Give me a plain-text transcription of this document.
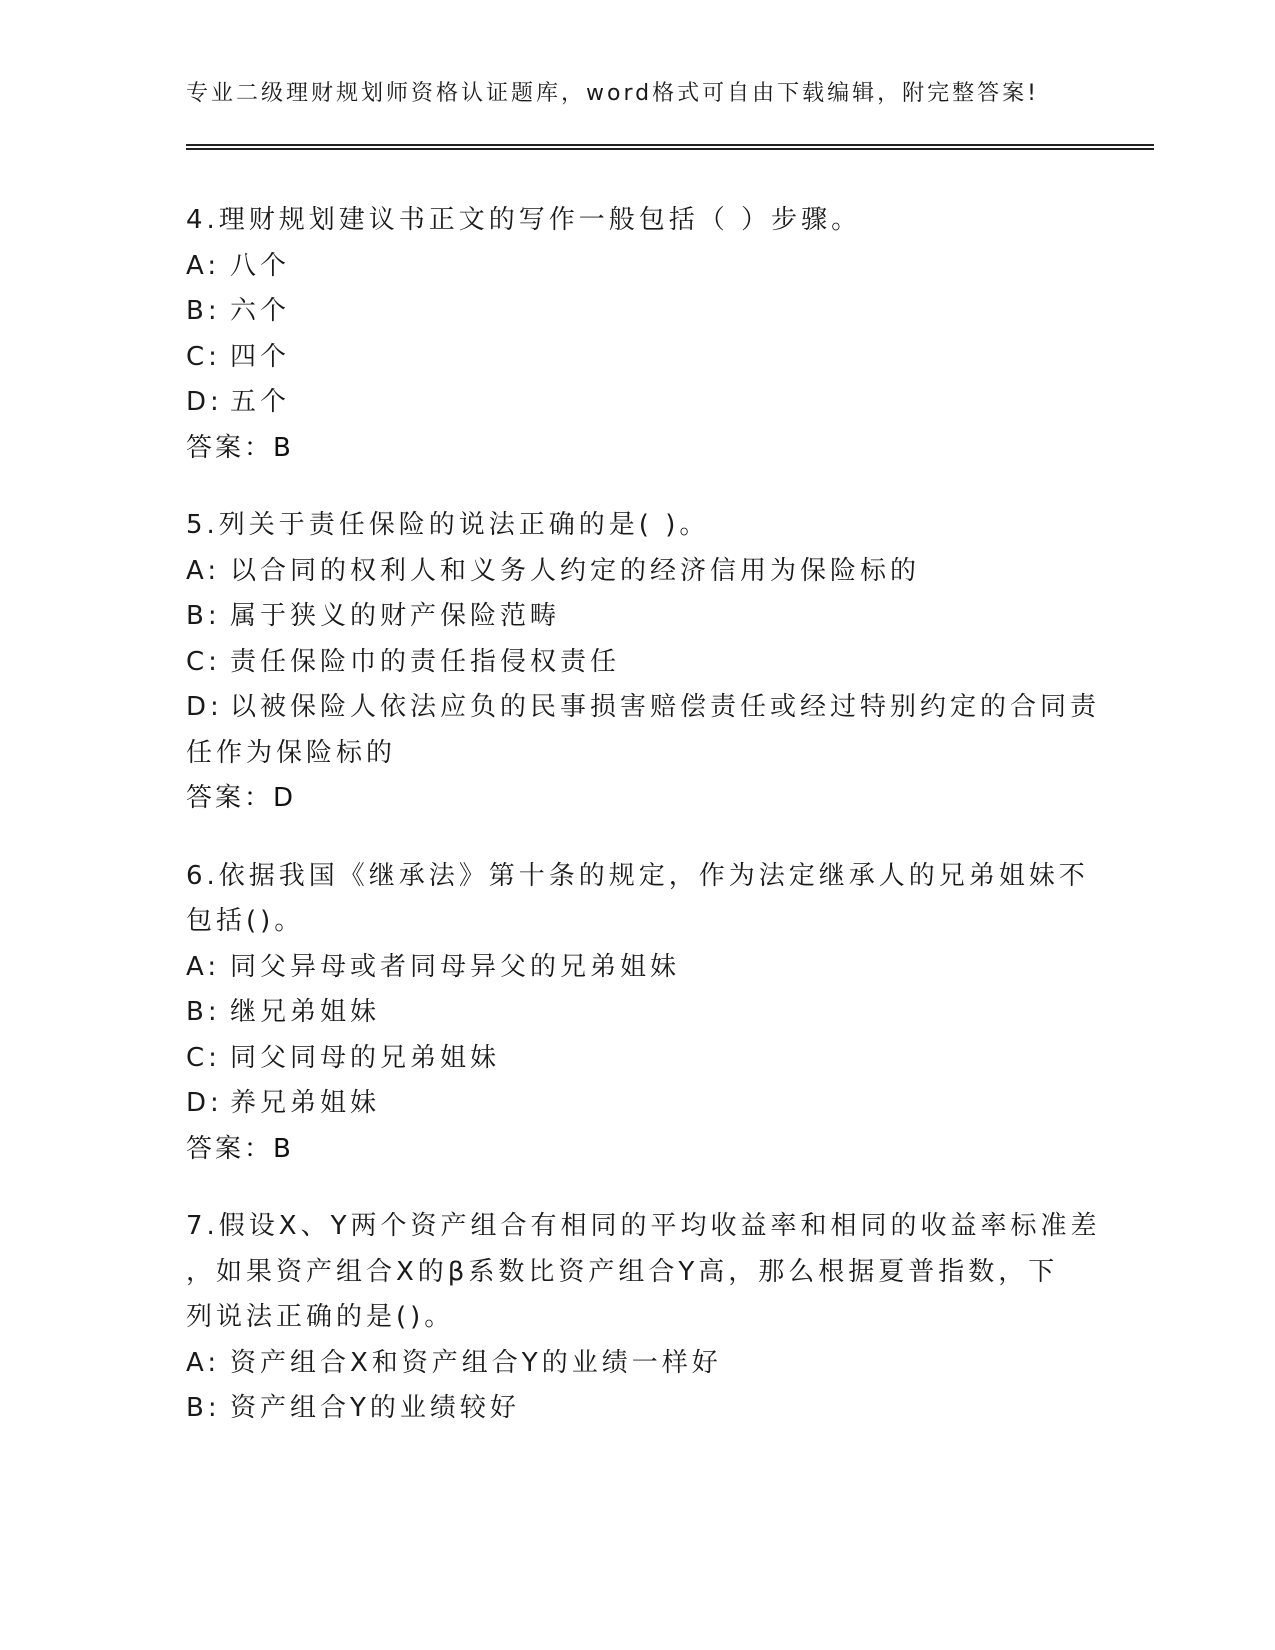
专业二级理财规划师资格认证题库，word格式可自由下载编辑，附完整答案!
4.理财规划建议书正文的写作一般包括（ ）步骤。
A: 八个
B: 六个
C: 四个
D: 五个
答案：B
5.列关于责任保险的说法正确的是( )。
A: 以合同的权利人和义务人约定的经济信用为保险标的
B: 属于狭义的财产保险范畴
C: 责任保险巾的责任指侵权责任
D: 以被保险人依法应负的民事损害赔偿责任或经过特别约定的合同责
任作为保险标的
答案：D
6.依据我国《继承法》第十条的规定，作为法定继承人的兄弟姐妹不
包括()。
A: 同父异母或者同母异父的兄弟姐妹
B: 继兄弟姐妹
C: 同父同母的兄弟姐妹
D: 养兄弟姐妹
答案：B
7.假设X、Y两个资产组合有相同的平均收益率和相同的收益率标准差
，如果资产组合X的β系数比资产组合Y高，那么根据夏普指数，下
列说法正确的是()。
A: 资产组合X和资产组合Y的业绩一样好
B: 资产组合Y的业绩较好
